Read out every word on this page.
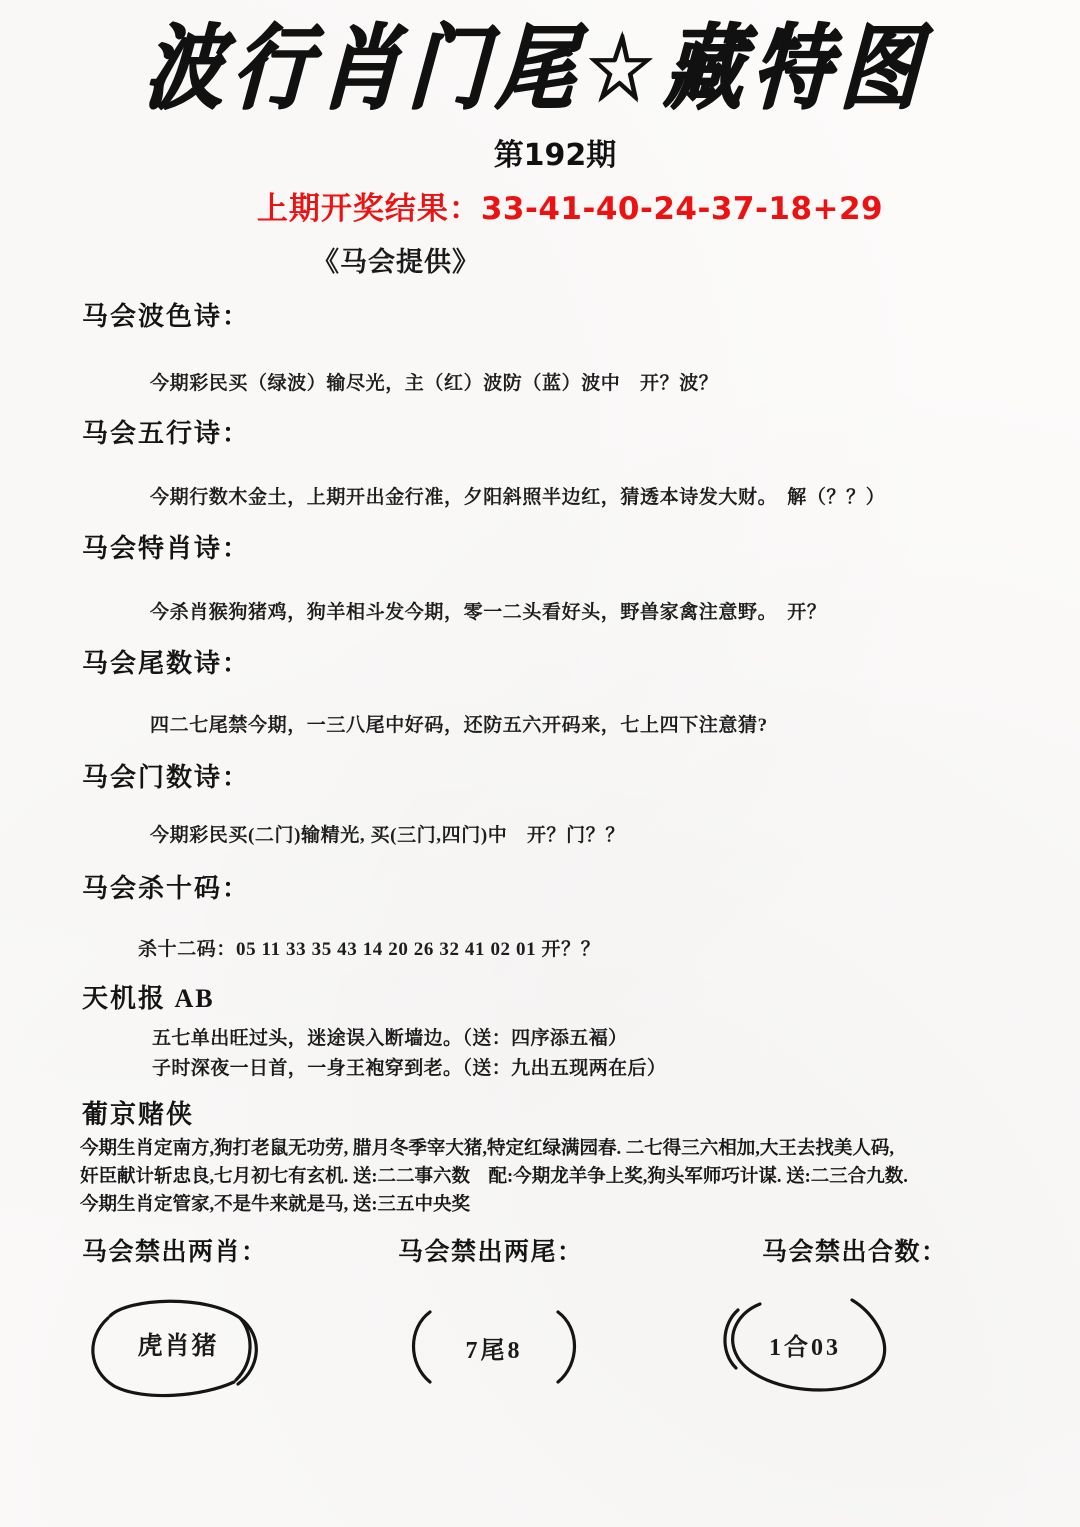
波行肖门尾☆藏特图
第192期
上期开奖结果：33-41-40-24-37-18+29
《马会提供》
马会波色诗：
今期彩民买（绿波）输尽光，主（红）波防（蓝）波中　开？波？
马会五行诗：
今期行数木金土，上期开出金行准，夕阳斜照半边红，猜透本诗发大财。　解（？？）
马会特肖诗：
今杀肖猴狗猪鸡，狗羊相斗发今期，零一二头看好头，野兽家禽注意野。　开？
马会尾数诗：
四二七尾禁今期，一三八尾中好码，还防五六开码来，七上四下注意猜?
马会门数诗：
今期彩民买(二门)输精光, 买(三门,四门)中　开？门？？
马会杀十码：
杀十二码：05 11 33 35 43 14 20 26 32 41 02 01 开？？
天机报 AB
五七单出旺过头，迷途误入断墙边。（送：四序添五褔）
子时深夜一日首，一身王袍穿到老。（送：九出五现两在后）
葡京赌侠
今期生肖定南方,狗打老鼠无功劳, 腊月冬季宰大猪,特定红绿满园春. 二七得三六相加,大王去找美人码,
奸臣献计斩忠良,七月初七有玄机. 送:二二事六数　配:今期龙羊争上奖,狗头军师巧计谋. 送:二三合九数.
今期生肖定管家,不是牛来就是马, 送:三五中央奖
马会禁出两肖：	马会禁出两尾：	马会禁出合数：
虎肖猪	7尾8	1合03
